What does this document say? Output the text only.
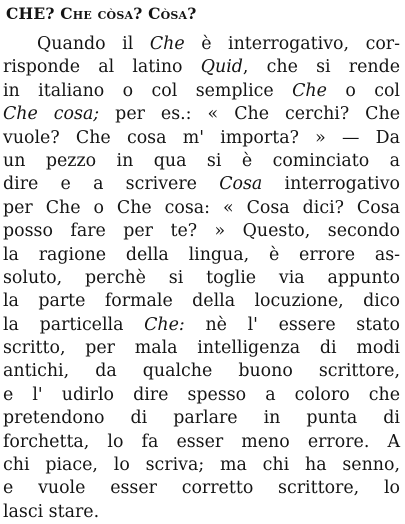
CHE? Che còsa? Còsa?
Quando il Che è interrogativo, cor-
risponde al latino Quid, che si rende
in italiano o col semplice Che o col
Che cosa; per es.: « Che cerchi? Che
vuole? Che cosa m' importa? » — Da
un pezzo in qua si è cominciato a
dire e a scrivere Cosa interrogativo
per Che o Che cosa: « Cosa dici? Cosa
posso fare per te? » Questo, secondo
la ragione della lingua, è errore as-
soluto, perchè si toglie via appunto
la parte formale della locuzione, dico
la particella Che: nè l' essere stato
scritto, per mala intelligenza di modi
antichi, da qualche buono scrittore,
e l' udirlo dire spesso a coloro che
pretendono di parlare in punta di
forchetta, lo fa esser meno errore. A
chi piace, lo scriva; ma chi ha senno,
e vuole esser corretto scrittore, lo
lasci stare.
